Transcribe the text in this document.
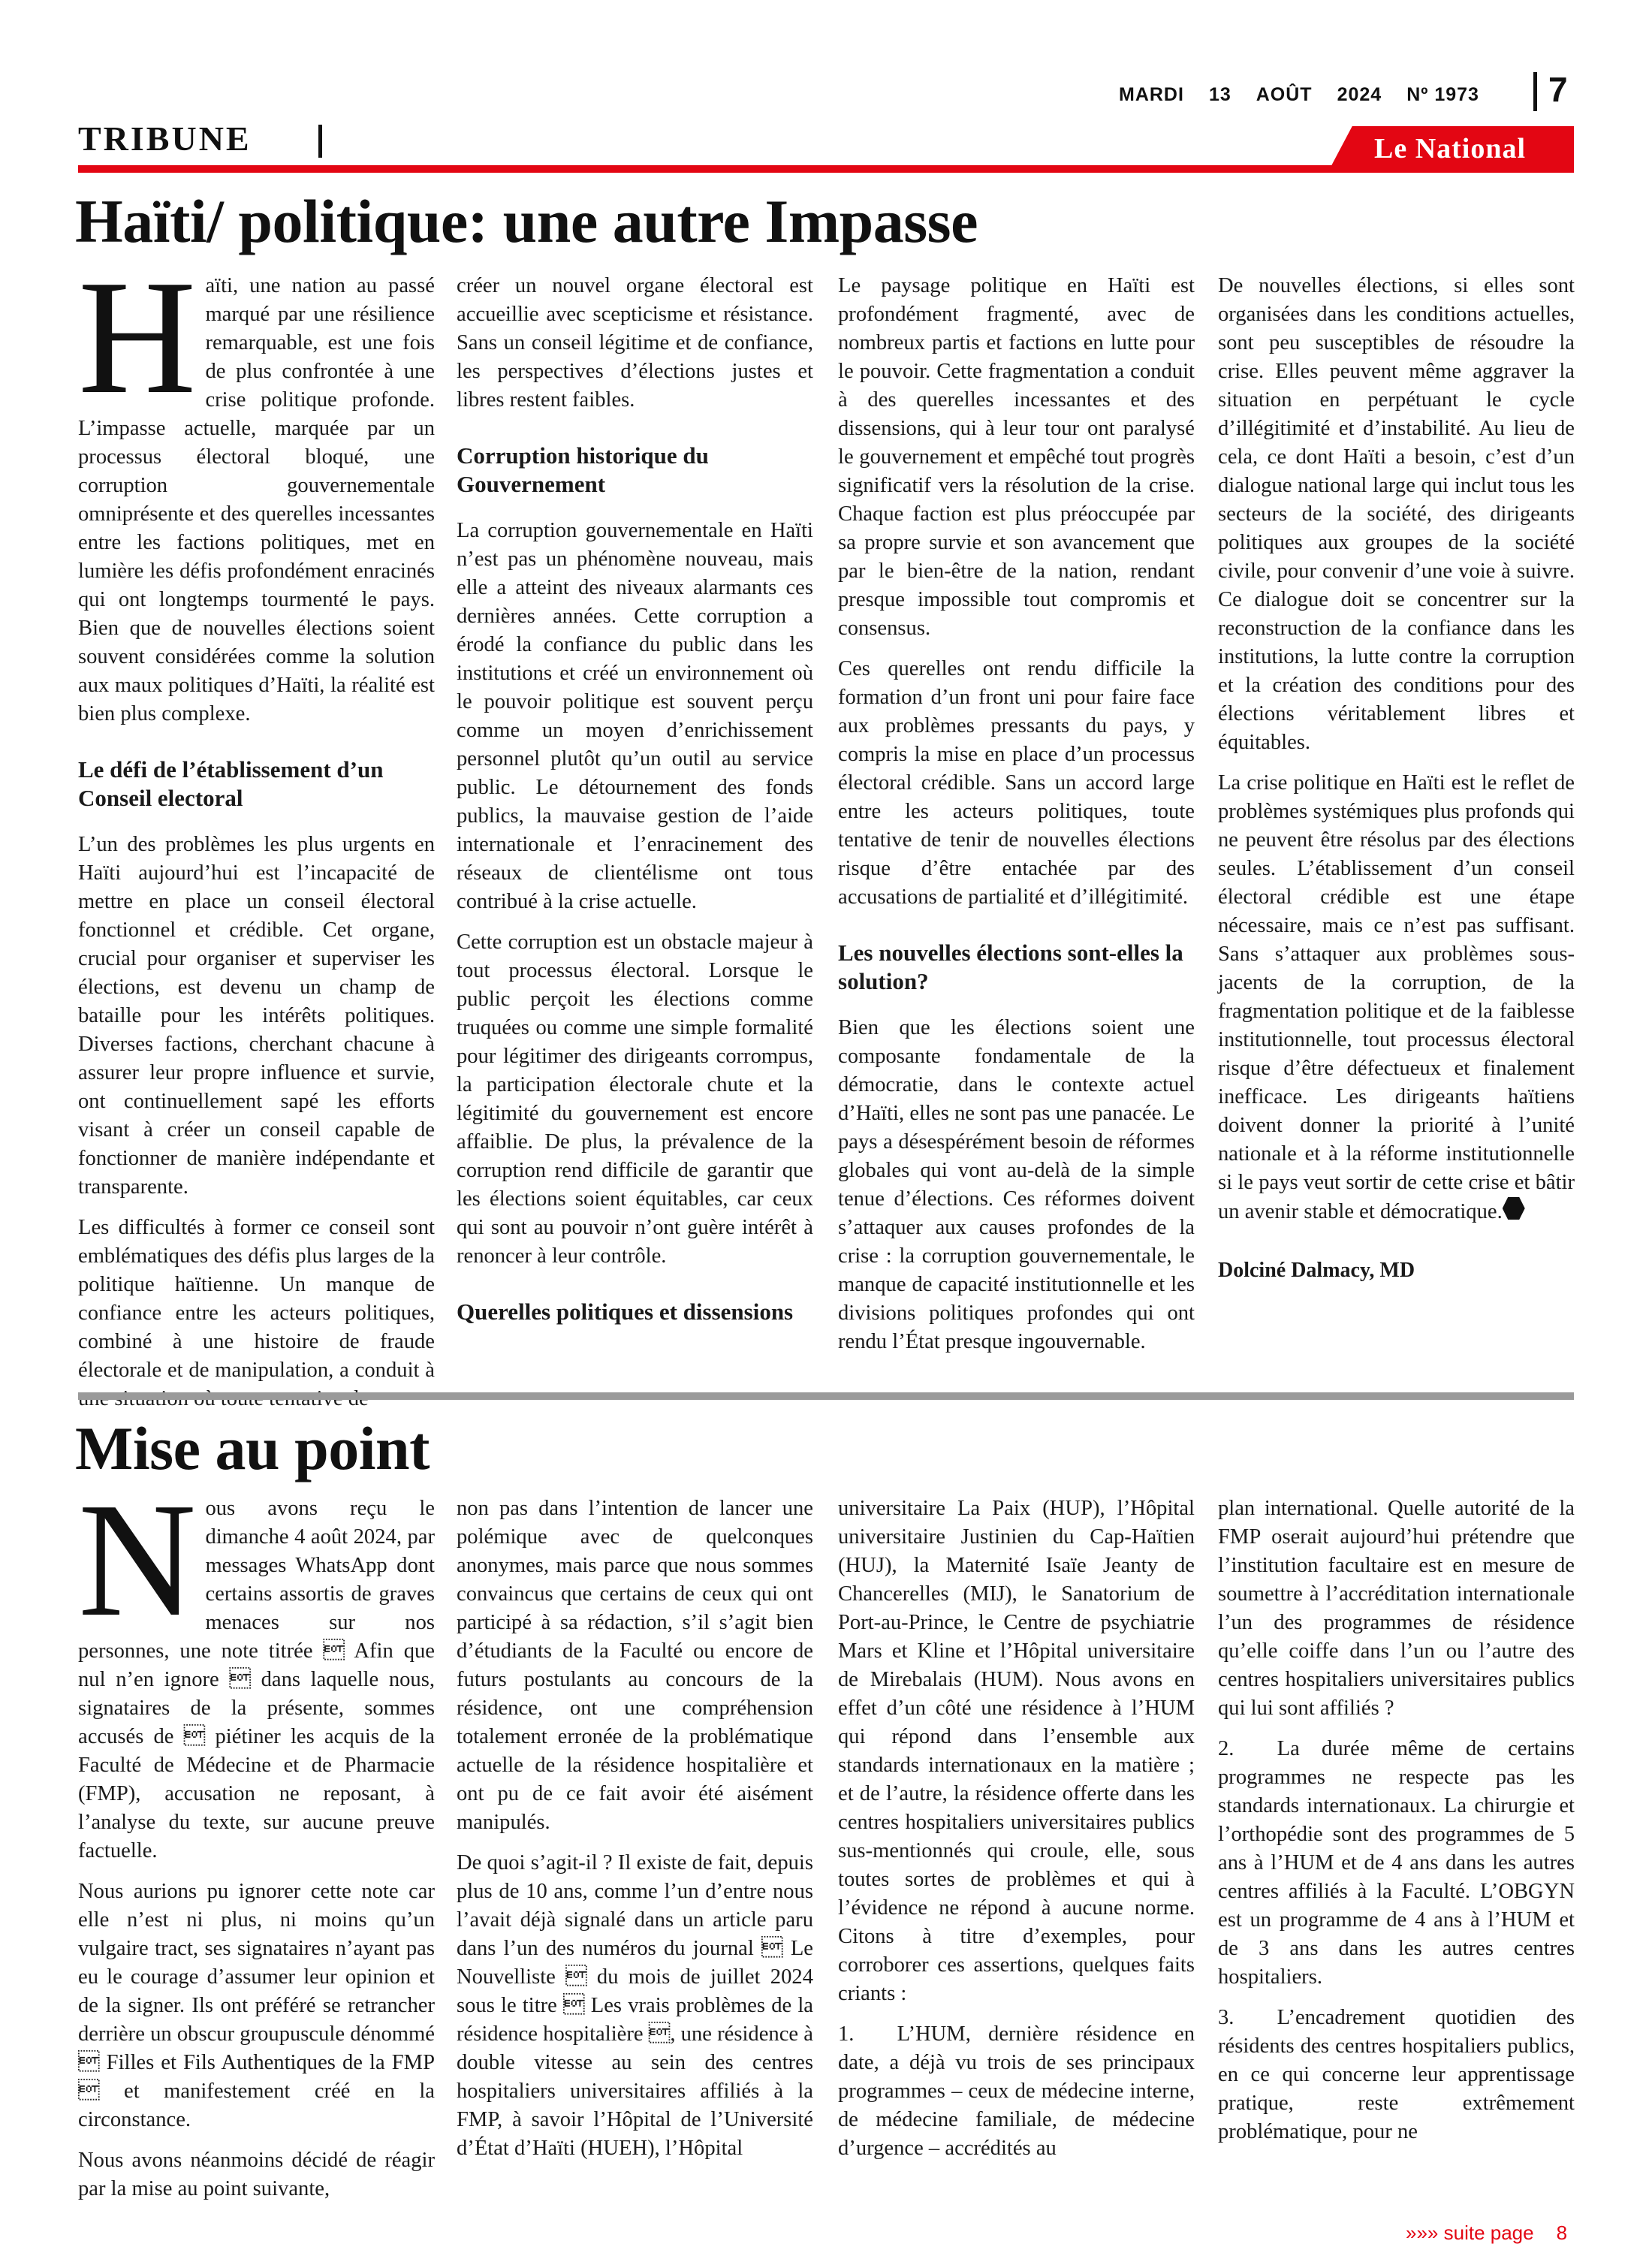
MARDI 13 AOÛT 2024 Nº 1973 7
TRIBUNE	Le National
Haïti/ politique: une autre Impasse

Haïti, une nation au passé marqué par une résilience remarquable, est une fois de plus confrontée à une crise politique profonde. L’impasse actuelle, marquée par un processus électoral bloqué, une corruption gouvernementale omniprésente et des querelles incessantes entre les factions politiques, met en lumière les défis profondément enracinés qui ont longtemps tourmenté le pays. Bien que de nouvelles élections soient souvent considérées comme la solution aux maux politiques d’Haïti, la réalité est bien plus complexe.

Le défi de l’établissement d’un Conseil electoral

L’un des problèmes les plus urgents en Haïti aujourd’hui est l’incapacité de mettre en place un conseil électoral fonctionnel et crédible. Cet organe, crucial pour organiser et superviser les élections, est devenu un champ de bataille pour les intérêts politiques. Diverses factions, cherchant chacune à assurer leur propre influence et survie, ont continuellement sapé les efforts visant à créer un conseil capable de fonctionner de manière indépendante et transparente.

Les difficultés à former ce conseil sont emblématiques des défis plus larges de la politique haïtienne. Un manque de confiance entre les acteurs politiques, combiné à une histoire de fraude électorale et de manipulation, a conduit à

créer un nouvel organe électoral est accueillie avec scepticisme et résistance. Sans un conseil légitime et de confiance, les perspectives d’élections justes et libres restent faibles.

Corruption historique du Gouvernement

La corruption gouvernementale en Haïti n’est pas un phénomène nouveau, mais elle a atteint des niveaux alarmants ces dernières années. Cette corruption a érodé la confiance du public dans les institutions et créé un environnement où le pouvoir politique est souvent perçu comme un moyen d’enrichissement personnel plutôt qu’un outil au service public. Le détournement des fonds publics, la mauvaise gestion de l’aide internationale et l’enracinement des réseaux de clientélisme ont tous contribué à la crise actuelle.

Cette corruption est un obstacle majeur à tout processus électoral. Lorsque le public perçoit les élections comme truquées ou comme une simple formalité pour légitimer des dirigeants corrompus, la participation électorale chute et la légitimité du gouvernement est encore affaiblie. De plus, la prévalence de la corruption rend difficile de garantir que les élections soient équitables, car ceux qui sont au pouvoir n’ont guère intérêt à renoncer à leur contrôle.

Querelles politiques et dissensions

Le paysage politique en Haïti est profondément fragmenté, avec de nombreux partis et factions en lutte pour le pouvoir. Cette fragmentation a conduit à des querelles incessantes et des dissensions, qui à leur tour ont paralysé le gouvernement et empêché tout progrès significatif vers la résolution de la crise. Chaque faction est plus préoccupée par sa propre survie et son avancement que par le bien-être de la nation, rendant presque impossible tout compromis et consensus.

Ces querelles ont rendu difficile la formation d’un front uni pour faire face aux problèmes pressants du pays, y compris la mise en place d’un processus électoral crédible. Sans un accord large entre les acteurs politiques, toute tentative de tenir de nouvelles élections risque d’être entachée par des accusations de partialité et d’illégitimité.

Les nouvelles élections sont-elles la solution?

Bien que les élections soient une composante fondamentale de la démocratie, dans le contexte actuel d’Haïti, elles ne sont pas une panacée. Le pays a désespérément besoin de réformes globales qui vont au-delà de la simple tenue d’élections. Ces réformes doivent s’attaquer aux causes profondes de la crise : la corruption gouvernementale, le manque de capacité institutionnelle et les divisions politiques profondes qui ont rendu l’État presque ingouvernable.

De nouvelles élections, si elles sont organisées dans les conditions actuelles, sont peu susceptibles de résoudre la crise. Elles peuvent même aggraver la situation en perpétuant le cycle d’illégitimité et d’instabilité. Au lieu de cela, ce dont Haïti a besoin, c’est d’un dialogue national large qui inclut tous les secteurs de la société, des dirigeants politiques aux groupes de la société civile, pour convenir d’une voie à suivre. Ce dialogue doit se concentrer sur la reconstruction de la confiance dans les institutions, la lutte contre la corruption et la création des conditions pour des élections véritablement libres et équitables.

La crise politique en Haïti est le reflet de problèmes systémiques plus profonds qui ne peuvent être résolus par des élections seules. L’établissement d’un conseil électoral crédible est une étape nécessaire, mais ce n’est pas suffisant. Sans s’attaquer aux problèmes sous-jacents de la corruption, de la fragmentation politique et de la faiblesse institutionnelle, tout processus électoral risque d’être défectueux et finalement inefficace. Les dirigeants haïtiens doivent donner la priorité à l’unité nationale et à la réforme institutionnelle si le pays veut sortir de cette crise et bâtir un avenir stable et démocratique.

Dolciné Dalmacy, MD
Mise au point

Nous avons reçu le dimanche 4 août 2024, par messages WhatsApp dont certains assortis de graves menaces sur nos personnes, une note titrée  Afin que nul n’en ignore  dans laquelle nous, signataires de la présente, sommes accusés de  piétiner les acquis de la Faculté de Médecine et de Pharmacie (FMP), accusation ne reposant, à l’analyse du texte, sur aucune preuve factuelle.

Nous aurions pu ignorer cette note car elle n’est ni plus, ni moins qu’un vulgaire tract, ses signataires n’ayant pas eu le courage d’assumer leur opinion et de la signer. Ils ont préféré se retrancher derrière un obscur groupuscule dénommé  Filles et Fils Authentiques de la FMP  et manifestement créé en la circonstance.

Nous avons néanmoins décidé de réagir par la mise au point suivante,

non pas dans l’intention de lancer une polémique avec de quelconques anonymes, mais parce que nous sommes convaincus que certains de ceux qui ont participé à sa rédaction, s’il s’agit bien d’étudiants de la Faculté ou encore de futurs postulants au concours de la résidence, ont une compréhension totalement erronée de la problématique actuelle de la résidence hospitalière et ont pu de ce fait avoir été aisément manipulés.

De quoi s’agit-il ? Il existe de fait, depuis plus de 10 ans, comme l’un d’entre nous l’avait déjà signalé dans un article paru dans l’un des numéros du journal  Le Nouvelliste  du mois de juillet 2024 sous le titre  Les vrais problèmes de la résidence hospitalière , une résidence à double vitesse au sein des centres hospitaliers universitaires affiliés à la FMP, à savoir l’Hôpital de l’Université d’État d’Haïti (HUEH), l’Hôpital

universitaire La Paix (HUP), l’Hôpital universitaire Justinien du Cap-Haïtien (HUJ), la Maternité Isaïe Jeanty de Chancerelles (MIJ), le Sanatorium de Port-au-Prince, le Centre de psychiatrie Mars et Kline et l’Hôpital universitaire de Mirebalais (HUM). Nous avons en effet d’un côté une résidence à l’HUM qui répond dans l’ensemble aux standards internationaux en la matière ; et de l’autre, la résidence offerte dans les centres hospitaliers universitaires publics sus-mentionnés qui croule, elle, sous toutes sortes de problèmes et qui à l’évidence ne répond à aucune norme. Citons à titre d’exemples, pour corroborer ces assertions, quelques faits criants :

1.  L’HUM, dernière résidence en date, a déjà vu trois de ses principaux programmes – ceux de médecine interne, de médecine familiale, de médecine d’urgence – accrédités au

plan international. Quelle autorité de la FMP oserait aujourd’hui prétendre que l’institution facultaire est en mesure de soumettre à l’accréditation internationale l’un des programmes de résidence qu’elle coiffe dans l’un ou l’autre des centres hospitaliers universitaires publics qui lui sont affiliés ?

2.  La durée même de certains programmes ne respecte pas les standards internationaux. La chirurgie et l’orthopédie sont des programmes de 5 ans à l’HUM et de 4 ans dans les autres centres affiliés à la Faculté. L’OBGYN est un programme de 4 ans à l’HUM et de 3 ans dans les autres centres hospitaliers.

3.  L’encadrement quotidien des résidents des centres hospitaliers publics, en ce qui concerne leur apprentissage pratique, reste extrêmement problématique, pour ne

»»» suite page 8
